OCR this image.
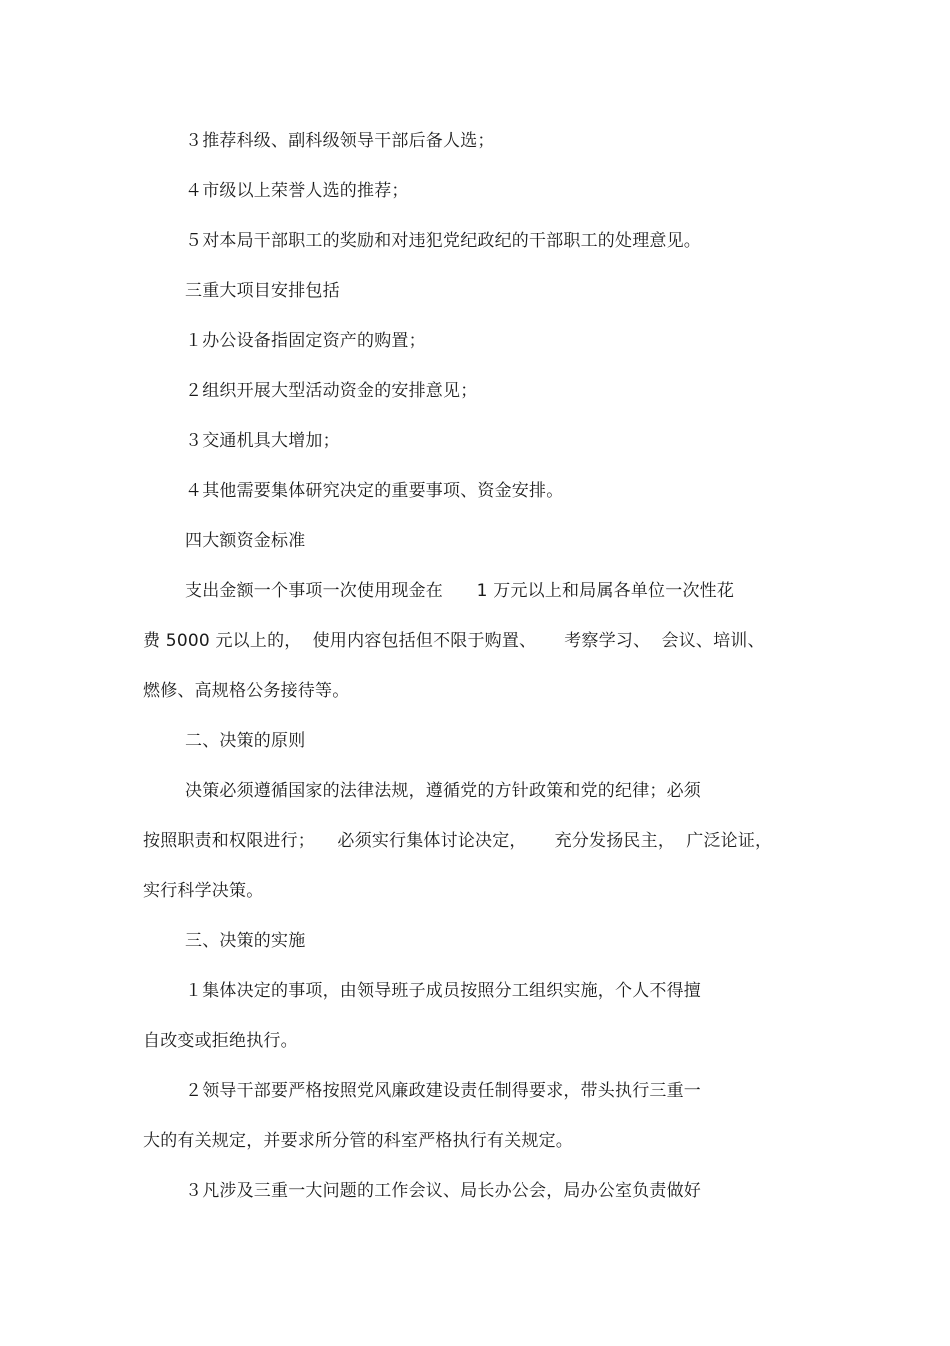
３推荐科级、副科级领导干部后备人选；
４市级以上荣誉人选的推荐；
５对本局干部职工的奖励和对违犯党纪政纪的干部职工的处理意见。
三重大项目安排包括
１办公设备指固定资产的购置；
２组织开展大型活动资金的安排意见；
３交通机具大增加；
４其他需要集体研究决定的重要事项、资金安排。
四大额资金标准
支出金额一个事项一次使用现金在      1 万元以上和局属各单位一次性花
费 5000 元以上的，  使用内容包括但不限于购置、     考察学习、  会议、培训、
燃修、高规格公务接待等。
二、决策的原则
决策必须遵循国家的法律法规，遵循党的方针政策和党的纪律；必须
按照职责和权限进行；    必须实行集体讨论决定，     充分发扬民主，  广泛论证，
实行科学决策。
三、决策的实施
１集体决定的事项，由领导班子成员按照分工组织实施，个人不得擅
自改变或拒绝执行。
２领导干部要严格按照党风廉政建设责任制得要求，带头执行三重一
大的有关规定，并要求所分管的科室严格执行有关规定。
３凡涉及三重一大问题的工作会议、局长办公会，局办公室负责做好
